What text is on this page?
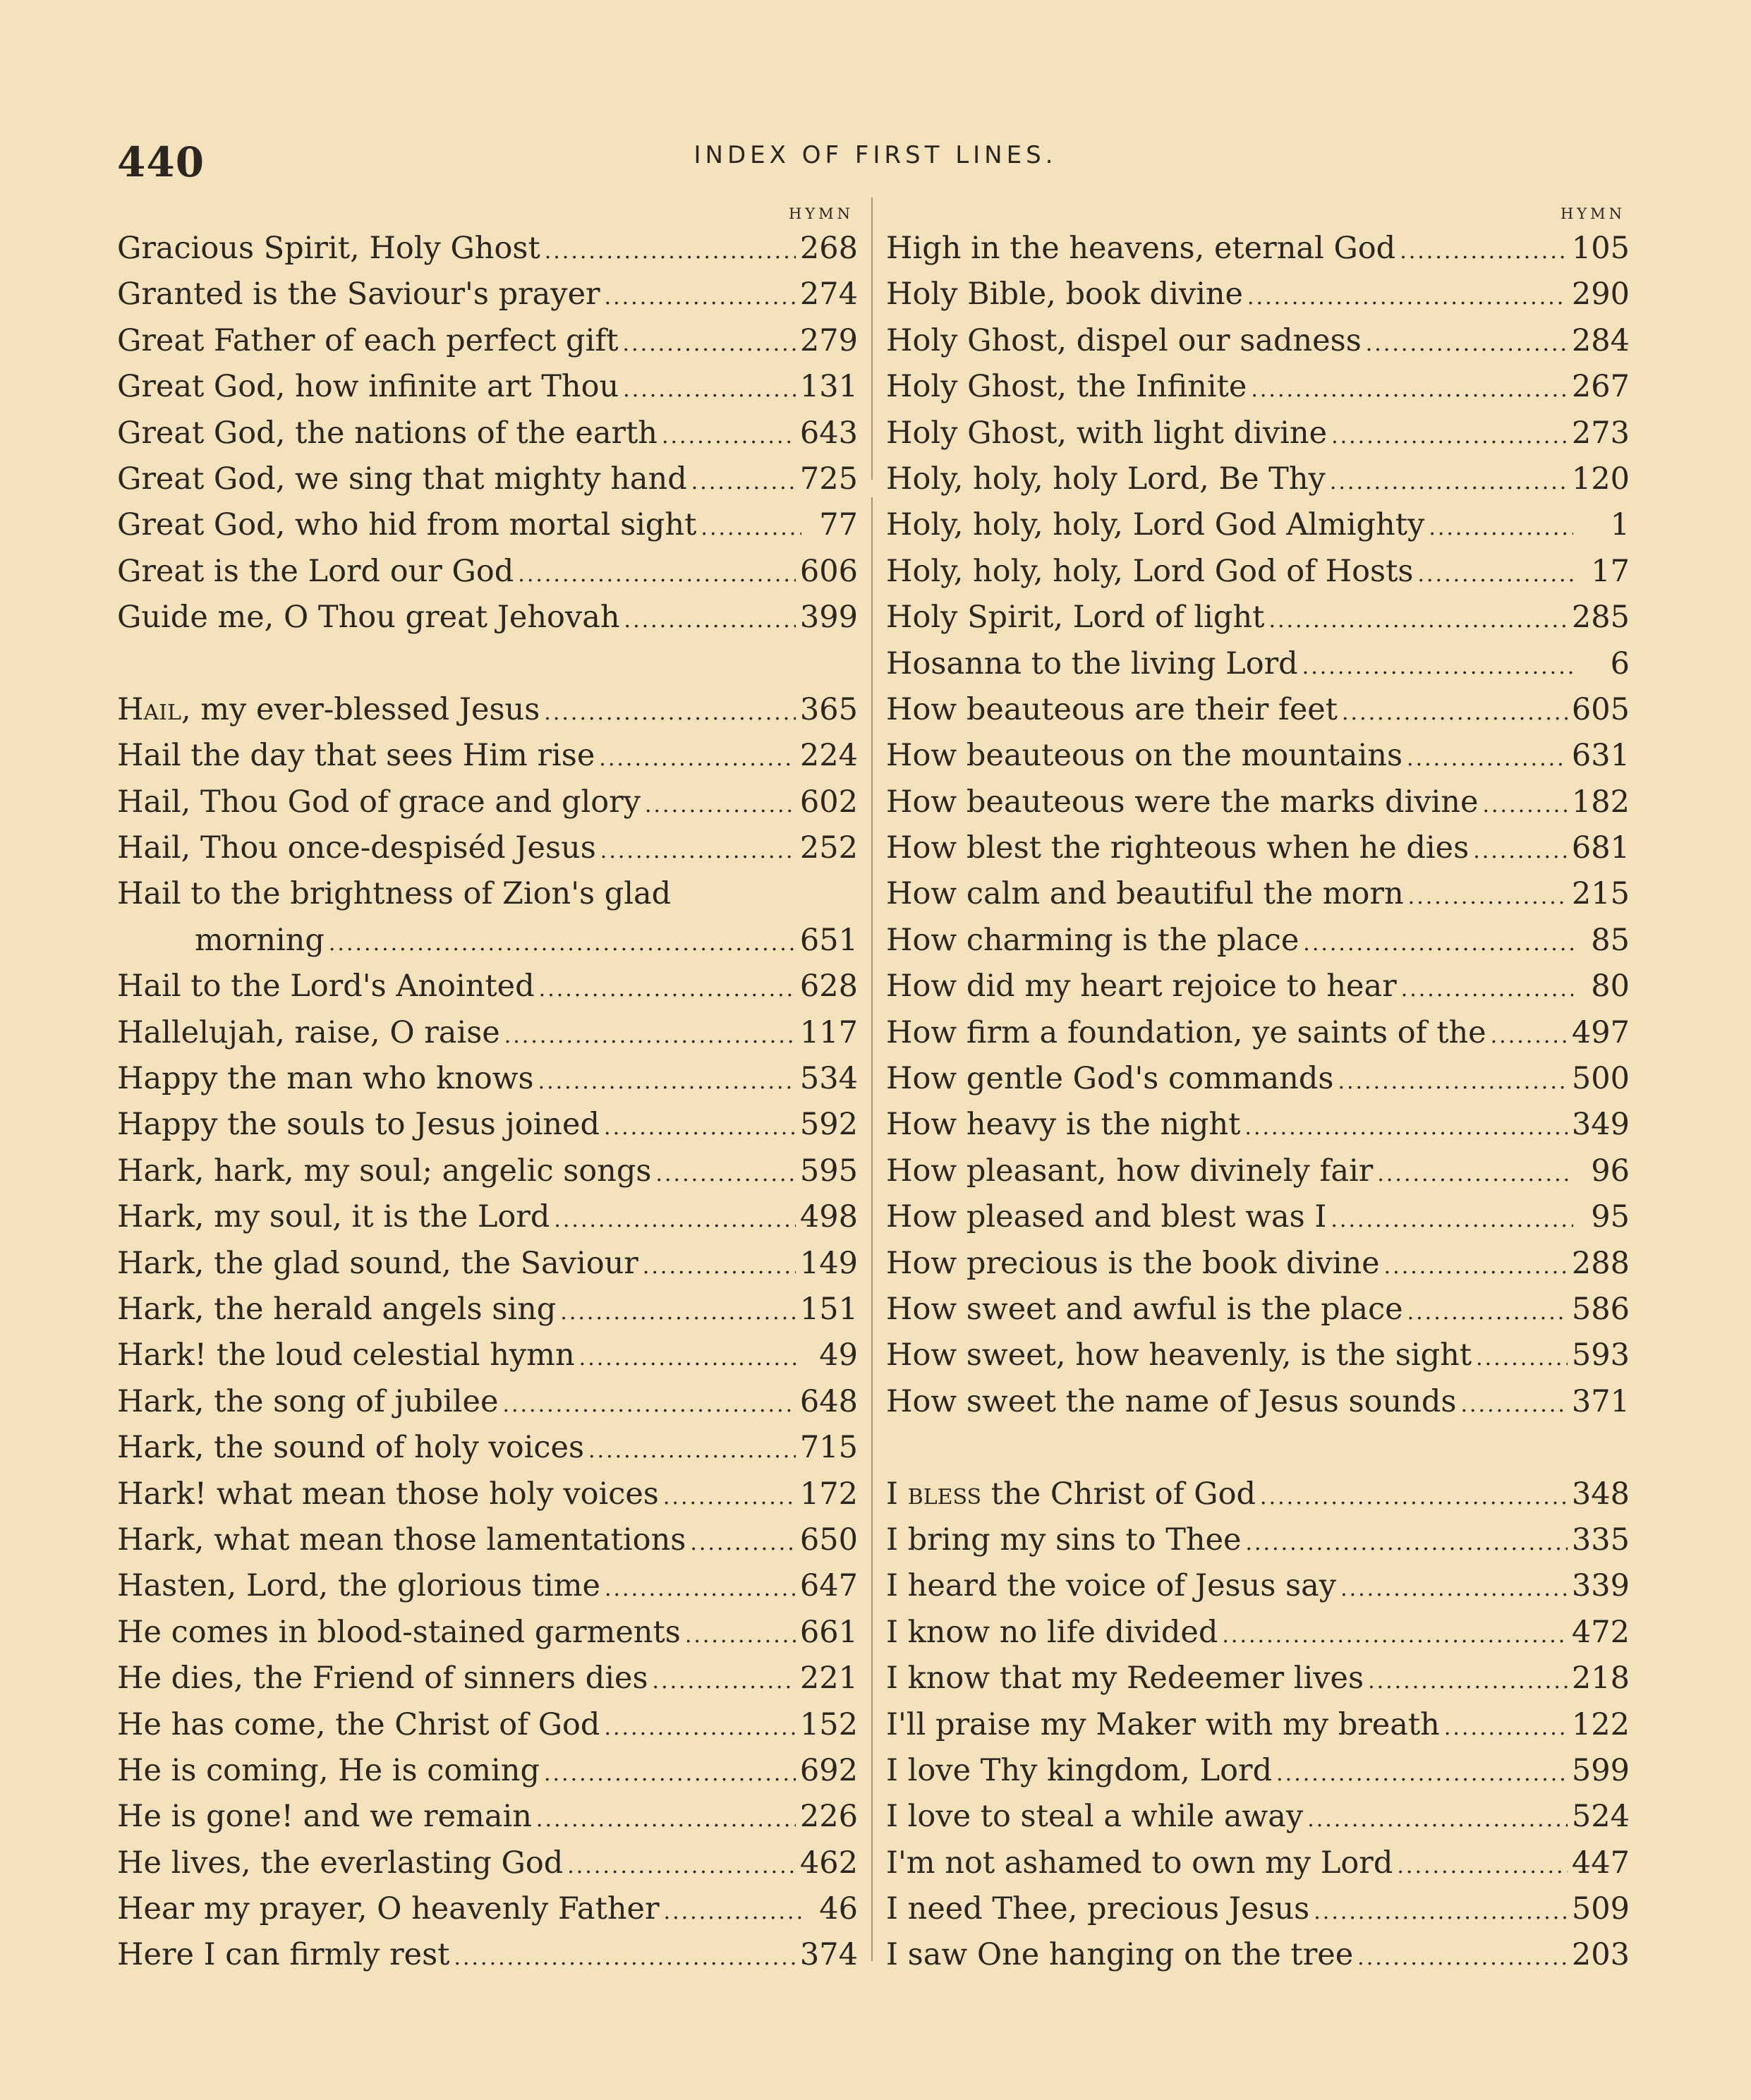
440	INDEX OF FIRST LINES.
HYMN
Gracious Spirit, Holy Ghost .....	268
Granted is the Saviour's prayer .....	274
Great Father of each perfect gift .....	279
Great God, how infinite art Thou .....	131
Great God, the nations of the earth .....	643
Great God, we sing that mighty hand .....	725
Great God, who hid from mortal sight .....	77
Great is the Lord our God .....	606
Guide me, O Thou great Jehovah .....	399
Hail, my ever-blessed Jesus .....	365
Hail the day that sees Him rise .....	224
Hail, Thou God of grace and glory .....	602
Hail, Thou once-despiséd Jesus .....	252
Hail to the brightness of Zion's glad
morning .....	651
Hail to the Lord's Anointed .....	628
Hallelujah, raise, O raise .....	117
Happy the man who knows .....	534
Happy the souls to Jesus joined .....	592
Hark, hark, my soul; angelic songs .....	595
Hark, my soul, it is the Lord .....	498
Hark, the glad sound, the Saviour .....	149
Hark, the herald angels sing .....	151
Hark! the loud celestial hymn .....	49
Hark, the song of jubilee .....	648
Hark, the sound of holy voices .....	715
Hark! what mean those holy voices .....	172
Hark, what mean those lamentations .....	650
Hasten, Lord, the glorious time .....	647
He comes in blood-stained garments .....	661
He dies, the Friend of sinners dies .....	221
He has come, the Christ of God .....	152
He is coming, He is coming .....	692
He is gone! and we remain .....	226
He lives, the everlasting God .....	462
Hear my prayer, O heavenly Father .....	46
Here I can firmly rest .....	374
HYMN
High in the heavens, eternal God .....	105
Holy Bible, book divine .....	290
Holy Ghost, dispel our sadness .....	284
Holy Ghost, the Infinite .....	267
Holy Ghost, with light divine .....	273
Holy, holy, holy Lord, Be Thy .....	120
Holy, holy, holy, Lord God Almighty .....	1
Holy, holy, holy, Lord God of Hosts .....	17
Holy Spirit, Lord of light .....	285
Hosanna to the living Lord .....	6
How beauteous are their feet .....	605
How beauteous on the mountains .....	631
How beauteous were the marks divine .....	182
How blest the righteous when he dies .....	681
How calm and beautiful the morn .....	215
How charming is the place .....	85
How did my heart rejoice to hear .....	80
How firm a foundation, ye saints of the .....	497
How gentle God's commands .....	500
How heavy is the night .....	349
How pleasant, how divinely fair .....	96
How pleased and blest was I .....	95
How precious is the book divine .....	288
How sweet and awful is the place .....	586
How sweet, how heavenly, is the sight .....	593
How sweet the name of Jesus sounds .....	371
I bless the Christ of God .....	348
I bring my sins to Thee .....	335
I heard the voice of Jesus say .....	339
I know no life divided .....	472
I know that my Redeemer lives .....	218
I'll praise my Maker with my breath .....	122
I love Thy kingdom, Lord .....	599
I love to steal a while away .....	524
I'm not ashamed to own my Lord .....	447
I need Thee, precious Jesus .....	509
I saw One hanging on the tree .....	203
